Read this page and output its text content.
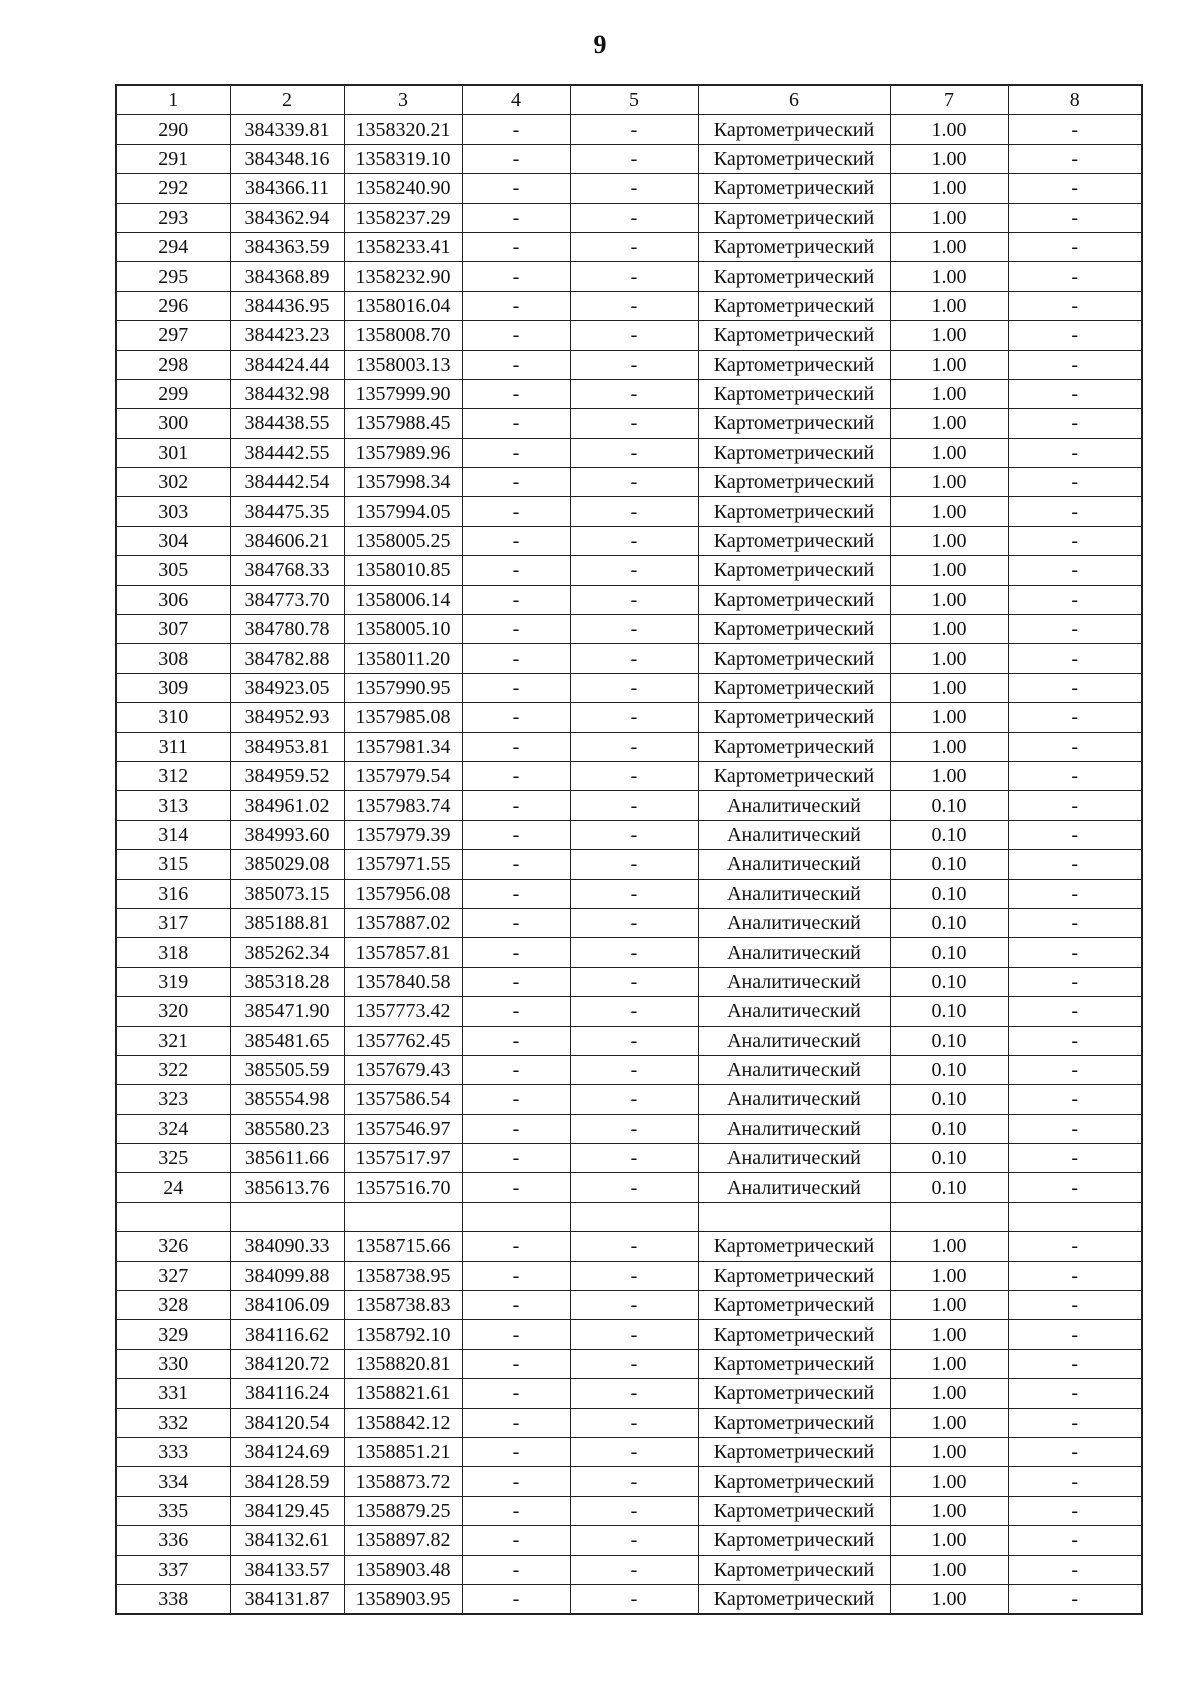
9
1	2	3	4	5	6	7	8
290	384339.81	1358320.21	-	-	Картометрический	1.00	-
291	384348.16	1358319.10	-	-	Картометрический	1.00	-
292	384366.11	1358240.90	-	-	Картометрический	1.00	-
293	384362.94	1358237.29	-	-	Картометрический	1.00	-
294	384363.59	1358233.41	-	-	Картометрический	1.00	-
295	384368.89	1358232.90	-	-	Картометрический	1.00	-
296	384436.95	1358016.04	-	-	Картометрический	1.00	-
297	384423.23	1358008.70	-	-	Картометрический	1.00	-
298	384424.44	1358003.13	-	-	Картометрический	1.00	-
299	384432.98	1357999.90	-	-	Картометрический	1.00	-
300	384438.55	1357988.45	-	-	Картометрический	1.00	-
301	384442.55	1357989.96	-	-	Картометрический	1.00	-
302	384442.54	1357998.34	-	-	Картометрический	1.00	-
303	384475.35	1357994.05	-	-	Картометрический	1.00	-
304	384606.21	1358005.25	-	-	Картометрический	1.00	-
305	384768.33	1358010.85	-	-	Картометрический	1.00	-
306	384773.70	1358006.14	-	-	Картометрический	1.00	-
307	384780.78	1358005.10	-	-	Картометрический	1.00	-
308	384782.88	1358011.20	-	-	Картометрический	1.00	-
309	384923.05	1357990.95	-	-	Картометрический	1.00	-
310	384952.93	1357985.08	-	-	Картометрический	1.00	-
311	384953.81	1357981.34	-	-	Картометрический	1.00	-
312	384959.52	1357979.54	-	-	Картометрический	1.00	-
313	384961.02	1357983.74	-	-	Аналитический	0.10	-
314	384993.60	1357979.39	-	-	Аналитический	0.10	-
315	385029.08	1357971.55	-	-	Аналитический	0.10	-
316	385073.15	1357956.08	-	-	Аналитический	0.10	-
317	385188.81	1357887.02	-	-	Аналитический	0.10	-
318	385262.34	1357857.81	-	-	Аналитический	0.10	-
319	385318.28	1357840.58	-	-	Аналитический	0.10	-
320	385471.90	1357773.42	-	-	Аналитический	0.10	-
321	385481.65	1357762.45	-	-	Аналитический	0.10	-
322	385505.59	1357679.43	-	-	Аналитический	0.10	-
323	385554.98	1357586.54	-	-	Аналитический	0.10	-
324	385580.23	1357546.97	-	-	Аналитический	0.10	-
325	385611.66	1357517.97	-	-	Аналитический	0.10	-
24	385613.76	1357516.70	-	-	Аналитический	0.10	-

326	384090.33	1358715.66	-	-	Картометрический	1.00	-
327	384099.88	1358738.95	-	-	Картометрический	1.00	-
328	384106.09	1358738.83	-	-	Картометрический	1.00	-
329	384116.62	1358792.10	-	-	Картометрический	1.00	-
330	384120.72	1358820.81	-	-	Картометрический	1.00	-
331	384116.24	1358821.61	-	-	Картометрический	1.00	-
332	384120.54	1358842.12	-	-	Картометрический	1.00	-
333	384124.69	1358851.21	-	-	Картометрический	1.00	-
334	384128.59	1358873.72	-	-	Картометрический	1.00	-
335	384129.45	1358879.25	-	-	Картометрический	1.00	-
336	384132.61	1358897.82	-	-	Картометрический	1.00	-
337	384133.57	1358903.48	-	-	Картометрический	1.00	-
338	384131.87	1358903.95	-	-	Картометрический	1.00	-
